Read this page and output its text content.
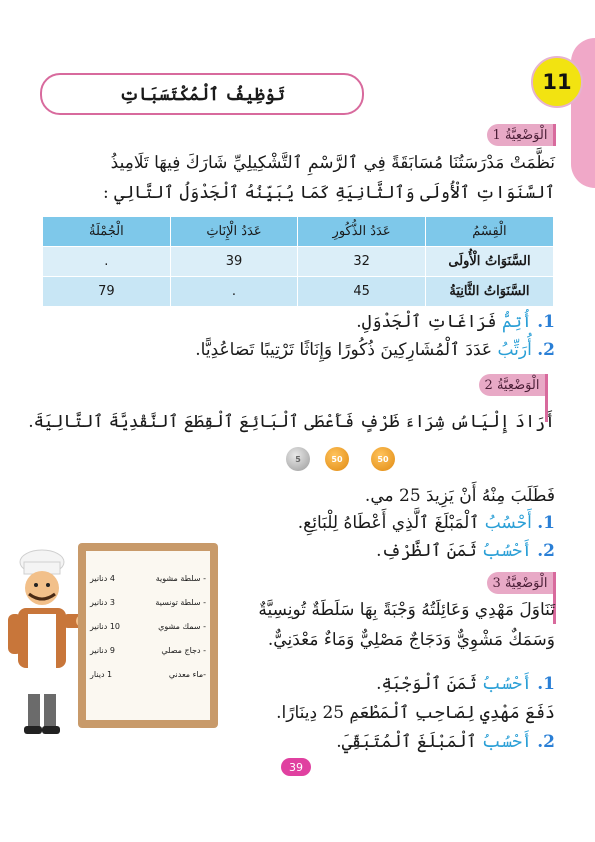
11
تَوْظِيفُ ٱلْمُكْتَسَبَاتِ
الْوَضْعِيَّةُ 1
نَظَّمَتْ مَدْرَسَتُنَا مُسَابَقَةً فِي ٱلرَّسْمِ ٱلتَّشْكِيلِيِّ شَارَكَ فِيهَا تَلَامِيذُ
ٱلسَّنَوَاتِ ٱلْأُولَى وَٱلثَّانِيَةِ كَمَا يُبَيِّنُهُ ٱلْجَدْوَلُ ٱلتَّالِي :
الْقِسْمُ	عَدَدُ الذُّكُورِ	عَدَدُ الْإِنَاثِ	الْجُمْلَةُ
السَّنَوَاتُ الْأُولَى	32	39	.
السَّنَوَاتُ الثَّانِيَةُ	45	.	79
1. أُتِمُّ فَرَاغَاتِ ٱلْجَدْوَلِ.
2. أُرَتِّبُ عَدَدَ ٱلْمُشَارِكِينَ ذُكُورًا وَإِنَاثًا تَرْتِيبًا تَصَاعُدِيًّا.
الْوَضْعِيَّةُ 2
أَرَادَ إِلْيَاسُ شِرَاءَ ظَرْفٍ فَأَعْطَى ٱلْبَائِعَ ٱلْقِطَعَ ٱلنَّقْدِيَّةَ ٱلتَّالِيَةَ.
5	50	50
فَطَلَبَ مِنْهُ أَنْ يَزِيدَ 25 مي.
1. أَحْسُبُ ٱلْمَبْلَغَ ٱلَّذِي أَعْطَاهُ لِلْبَائِعِ.
2. أَحْسُبُ ثَمَنَ ٱلظَّرْفِ.
- سلطة مشوية
4 دنانير
- سلطة تونسية
3 دنانير
- سمك مشوي
10 دنانير
- دجاج مصلي
9 دنانير
-ماء معدني
1 دينار
الْوَضْعِيَّةُ 3
تَنَاوَلَ مَهْدِي وَعَائِلَتُهُ وَجْبَةً بِهَا سَلَطَةٌ تُونِسِيَّةٌ
وَسَمَكٌ مَشْوِيٌّ وَدَجَاجٌ مَصْلِيٌّ وَمَاءٌ مَعْدَنِيٌّ.
1. أَحْسُبُ ثَمَنَ ٱلْوَجْبَةِ.
دَفَعَ مَهْدِي لِصَاحِبِ ٱلْمَطْعَمِ 25 دِينَارًا.
2. أَحْسُبُ ٱلْمَبْلَغَ ٱلْمُتَبَقِّيَ.
39
